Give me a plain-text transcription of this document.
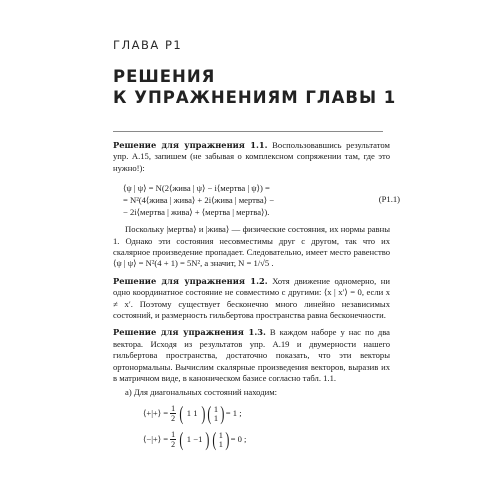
ГЛАВА Р1
РЕШЕНИЯ
К УПРАЖНЕНИЯМ ГЛАВЫ 1

Решение для упражнения 1.1. Воспользовавшись результатом упр. А.15, запишем (не забывая о комплексном сопряжении там, где это нужно!):

⟨ψ | ψ⟩ = N(2⟨жива | ψ⟩ − i⟨мертва | ψ⟩) =
= N²(4⟨жива | жива⟩ + 2i⟨жива | мертва⟩ −
− 2i⟨мертва | жива⟩ + ⟨мертва | мертва⟩).
(P1.1)

Поскольку |мертва⟩ и |жива⟩ — физические состояния, их нормы равны 1. Однако эти состояния несовместимы друг с другом, так что их скалярное произведение пропадает. Следовательно, имеет место равенство ⟨ψ | ψ⟩ = N²(4 + 1) = 5N², а значит, N = 1/√5 .

Решение для упражнения 1.2. Хотя движение одномерно, ни одно координатное состояние не совместимо с другими: ⟨x | x′⟩ = 0, если x ≠ x′. Поэтому существует бесконечно много линейно независимых состояний, и размерность гильбертова пространства равна бесконечности.

Решение для упражнения 1.3. В каждом наборе у нас по два вектора. Исходя из результатов упр. А.19 и двумерности нашего гильбертова пространства, достаточно показать, что эти векторы ортонормальны. Вычислим скалярные произведения векторов, выразив их в матричном виде, в каноническом базисе согласно табл. 1.1.

a) Для диагональных состояний находим:

⟨+|+⟩ = $\frac{1}{2}$ ( 1 1 ) ( 1
1 ) = 1 ;
⟨−|+⟩ = $\frac{1}{2}$ ( 1 −1 ) ( 1
1 ) = 0 ;
